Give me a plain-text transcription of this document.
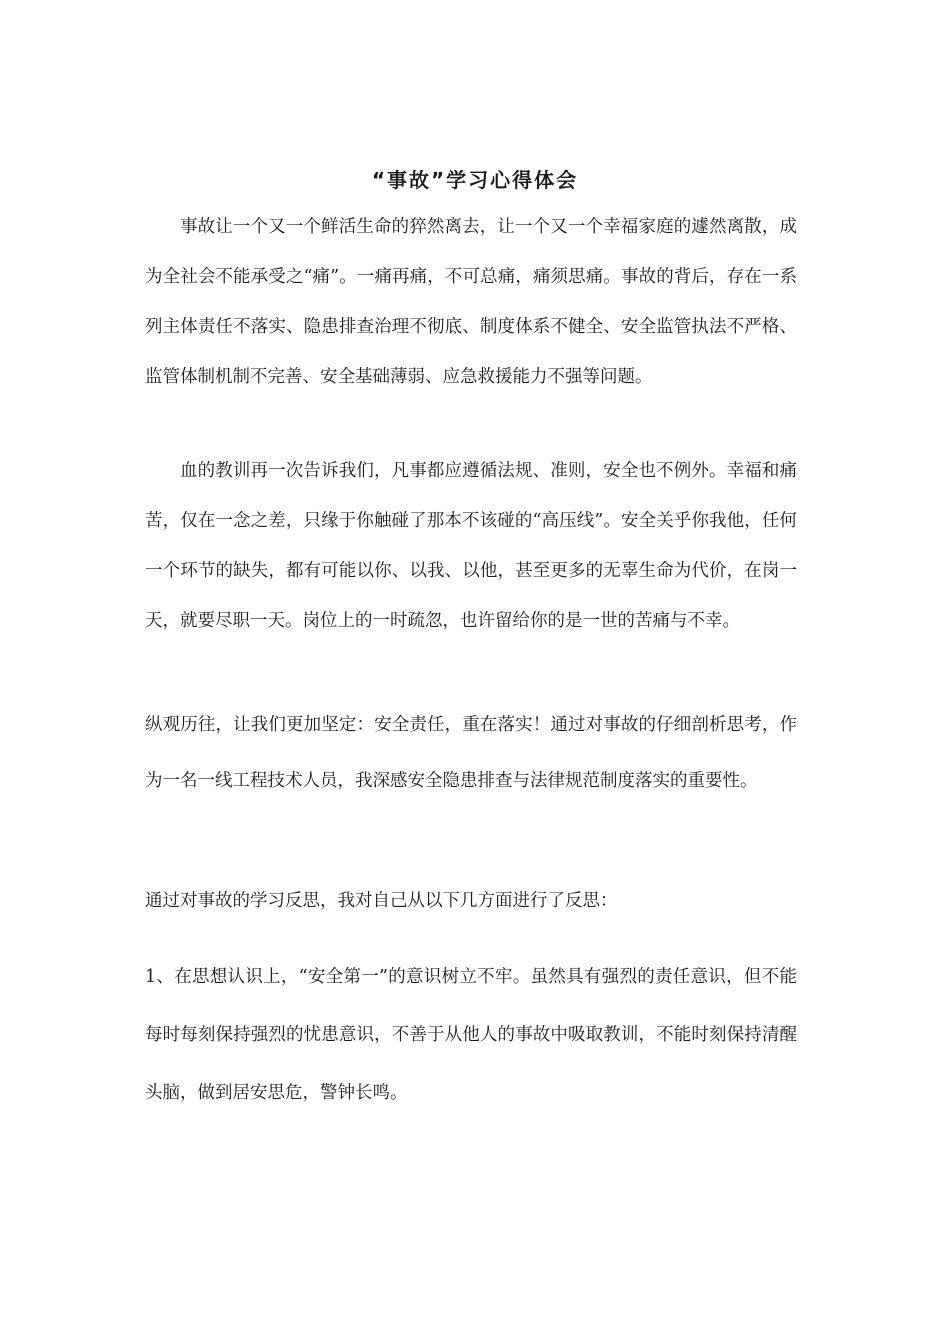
“事故”学习心得体会

事故让一个又一个鲜活生命的猝然离去，让一个又一个幸福家庭的遽然离散，成为全社会不能承受之“痛”。一痛再痛，不可总痛，痛须思痛。事故的背后，存在一系列主体责任不落实、隐患排查治理不彻底、制度体系不健全、安全监管执法不严格、监管体制机制不完善、安全基础薄弱、应急救援能力不强等问题。

血的教训再一次告诉我们，凡事都应遵循法规、准则，安全也不例外。幸福和痛苦，仅在一念之差，只缘于你触碰了那本不该碰的“高压线”。安全关乎你我他，任何一个环节的缺失，都有可能以你、以我、以他，甚至更多的无辜生命为代价，在岗一天，就要尽职一天。岗位上的一时疏忽，也许留给你的是一世的苦痛与不幸。

纵观历往，让我们更加坚定：安全责任，重在落实！通过对事故的仔细剖析思考，作为一名一线工程技术人员，我深感安全隐患排查与法律规范制度落实的重要性。

通过对事故的学习反思，我对自己从以下几方面进行了反思：

1、在思想认识上，“安全第一”的意识树立不牢。虽然具有强烈的责任意识，但不能每时每刻保持强烈的忧患意识，不善于从他人的事故中吸取教训，不能时刻保持清醒头脑，做到居安思危，警钟长鸣。
